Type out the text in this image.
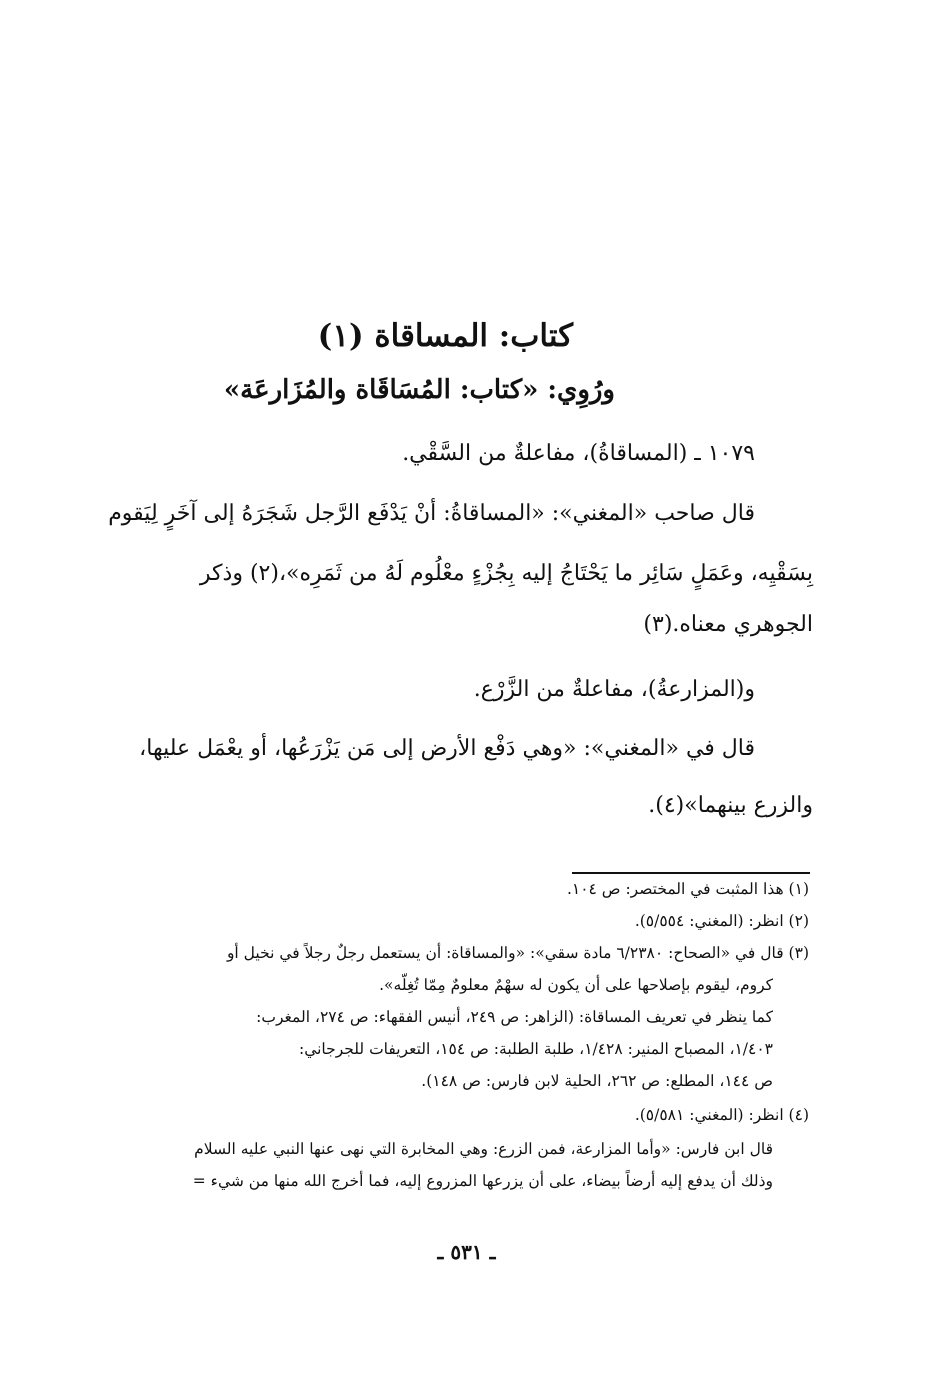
كتاب: المساقاة (١)
ورُوِي: «كتاب: المُسَاقَاة والمُزَارعَة»
١٠٧٩ ـ (المساقاةُ)، مفاعلةٌ من السَّقْي.
قال صاحب «المغني»: «المساقاةُ: أنْ يَدْفَع الرَّجل شَجَرَهُ إلى آخَرٍ لِيَقوم
بِسَقْيِه، وعَمَلٍ سَائِر ما يَحْتَاجُ إليه بِجُزْءٍ معْلُوم لَهُ من ثَمَرِه»،(٢) وذكر
الجوهري معناه.(٣)
و(المزارعةُ)، مفاعلةٌ من الزَّرْع.
قال في «المغني»: «وهي دَفْع الأرض إلى مَن يَزْرَعُها، أو يعْمَل عليها،
والزرع بينهما»(٤).
(١) هذا المثبت في المختصر: ص ١٠٤.
(٢) انظر: (المغني: ٥/٥٥٤).
(٣) قال في «الصحاح: ٦/٢٣٨٠ مادة سقي»: «والمساقاة: أن يستعمل رجلٌ رجلاً في نخيل أو
كروم، ليقوم بإصلاحها على أن يكون له سهْمٌ معلومٌ مِمّا تُغِلّه».
كما ينظر في تعريف المساقاة: (الزاهر: ص ٢٤٩، أنيس الفقهاء: ص ٢٧٤، المغرب:
١/٤٠٣، المصباح المنير: ١/٤٢٨، طلبة الطلبة: ص ١٥٤، التعريفات للجرجاني:
ص ١٤٤، المطلع: ص ٢٦٢، الحلية لابن فارس: ص ١٤٨).
(٤) انظر: (المغني: ٥/٥٨١).
قال ابن فارس: «وأما المزارعة، فمن الزرع: وهي المخابرة التي نهى عنها النبي عليه السلام
وذلك أن يدفع إليه أرضاً بيضاء، على أن يزرعها المزروع إليه، فما أخرج الله منها من شيء =
ـ ٥٣١ ـ
